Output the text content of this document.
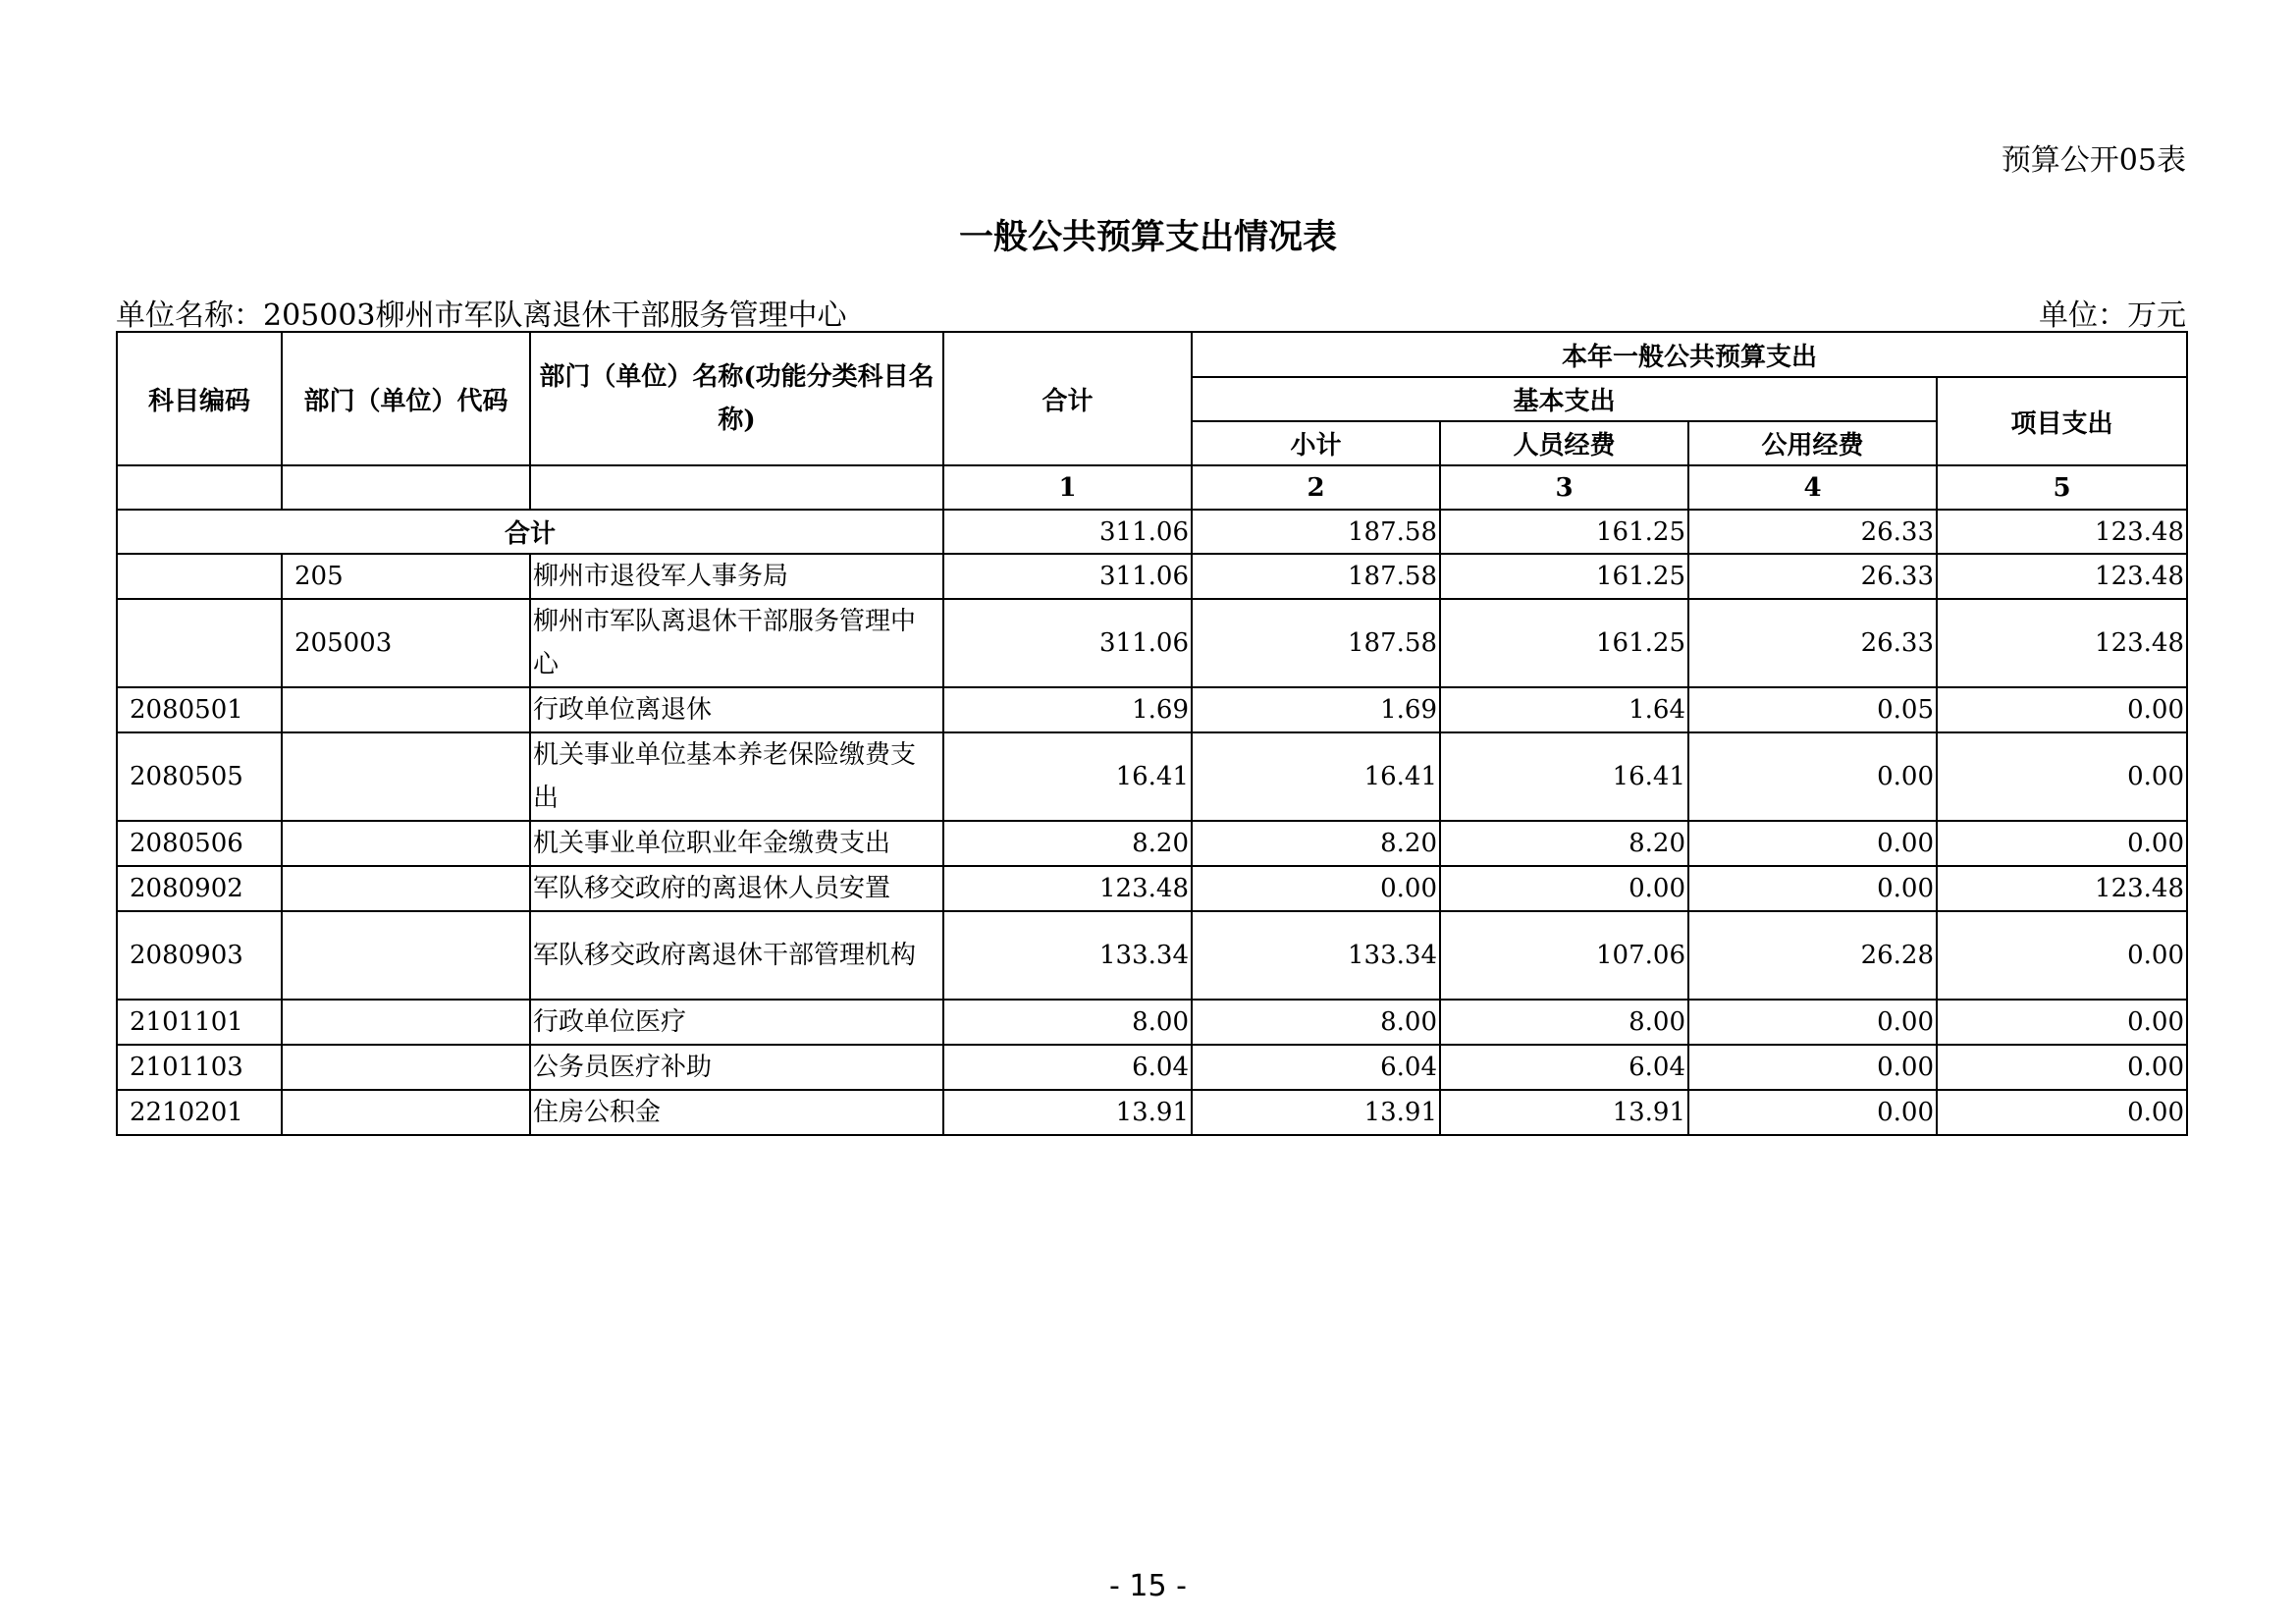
预算公开05表
一般公共预算支出情况表
单位名称：205003柳州市军队离退休干部服务管理中心	单位：万元
科目编码	部门（单位）代码	部门（单位）名称(功能分类科目名称)	合计	本年一般公共预算支出			
				基本支出			项目支出
				小计	人员经费	公用经费	
			1	2	3	4	5
合计			311.06	187.58	161.25	26.33	123.48
	205	柳州市退役军人事务局	311.06	187.58	161.25	26.33	123.48
	205003	柳州市军队离退休干部服务管理中心	311.06	187.58	161.25	26.33	123.48
2080501		行政单位离退休	1.69	1.69	1.64	0.05	0.00
2080505		机关事业单位基本养老保险缴费支出	16.41	16.41	16.41	0.00	0.00
2080506		机关事业单位职业年金缴费支出	8.20	8.20	8.20	0.00	0.00
2080902		军队移交政府的离退休人员安置	123.48	0.00	0.00	0.00	123.48
2080903		军队移交政府离退休干部管理机构	133.34	133.34	107.06	26.28	0.00
2101101		行政单位医疗	8.00	8.00	8.00	0.00	0.00
2101103		公务员医疗补助	6.04	6.04	6.04	0.00	0.00
2210201		住房公积金	13.91	13.91	13.91	0.00	0.00
- 15 -
